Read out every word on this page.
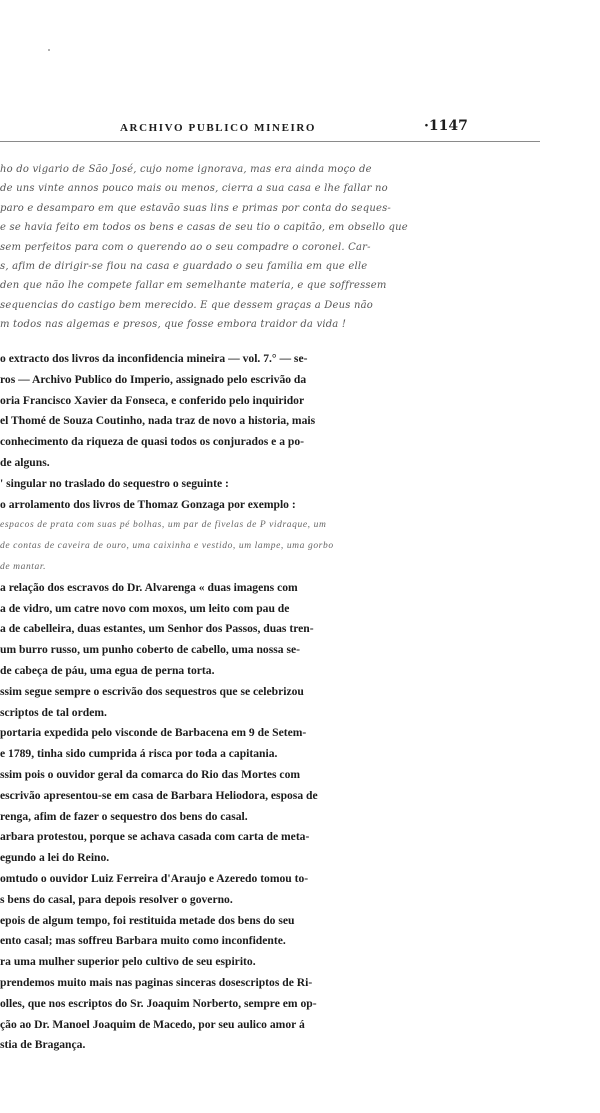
ARCHIVO PUBLICO MINEIRO	·1147
ho do vigario de São José, cujo nome ignorava, mas era ainda moço de
de uns vinte annos pouco mais ou menos, cierra a sua casa e lhe fallar no
paro e desamparo em que estavão suas lins e primas por conta do seques-
e se havia feito em todos os bens e casas de seu tio o capitão, em obsello que
sem perfeitos para com o querendo ao o seu compadre o coronel. Car-
s, afim de dirigir-se fiou na casa e guardado o seu familia em que elle
den que não lhe compete fallar em semelhante materia, e que soffressem
sequencias do castigo bem merecido. E que dessem graças a Deus não
m todos nas algemas e presos, que fosse embora traidor da vida !
o extracto dos livros da inconfidencia mineira — vol. 7.° — se-
ros — Archivo Publico do Imperio, assignado pelo escrivão da
oria Francisco Xavier da Fonseca, e conferido pelo inquiridor
el Thomé de Souza Coutinho, nada traz de novo a historia, mais
conhecimento da riqueza de quasi todos os conjurados e a po-
de alguns.
' singular no traslado do sequestro o seguinte :
o arrolamento dos livros de Thomaz Gonzaga por exemplo :
espacos de prata com suas pé bolhas, um par de fivelas de P vidraque, um
de contas de caveira de ouro, uma caixinha e vestido, um lampe, uma gorbo
de mantar.
a relação dos escravos do Dr. Alvarenga « duas imagens com
a de vidro, um catre novo com moxos, um leito com pau de
a de cabelleira, duas estantes, um Senhor dos Passos, duas tren-
um burro russo, um punho coberto de cabello, uma nossa se-
de cabeça de páu, uma egua de perna torta.
ssim segue sempre o escrivão dos sequestros que se celebrizou
scriptos de tal ordem.
portaria expedida pelo visconde de Barbacena em 9 de Setem-
e 1789, tinha sido cumprida á risca por toda a capitania.
ssim pois o ouvidor geral da comarca do Rio das Mortes com
escrivão apresentou-se em casa de Barbara Heliodora, esposa de
renga, afim de fazer o sequestro dos bens do casal.
arbara protestou, porque se achava casada com carta de meta-
egundo a lei do Reino.
omtudo o ouvidor Luiz Ferreira d'Araujo e Azeredo tomou to-
s bens do casal, para depois resolver o governo.
epois de algum tempo, foi restituida metade dos bens do seu
ento casal; mas soffreu Barbara muito como inconfidente.
ra uma mulher superior pelo cultivo de seu espirito.
prendemos muito mais nas paginas sinceras dosescriptos de Ri-
olles, que nos escriptos do Sr. Joaquim Norberto, sempre em op-
ção ao Dr. Manoel Joaquim de Macedo, por seu aulico amor á
stia de Bragança.
